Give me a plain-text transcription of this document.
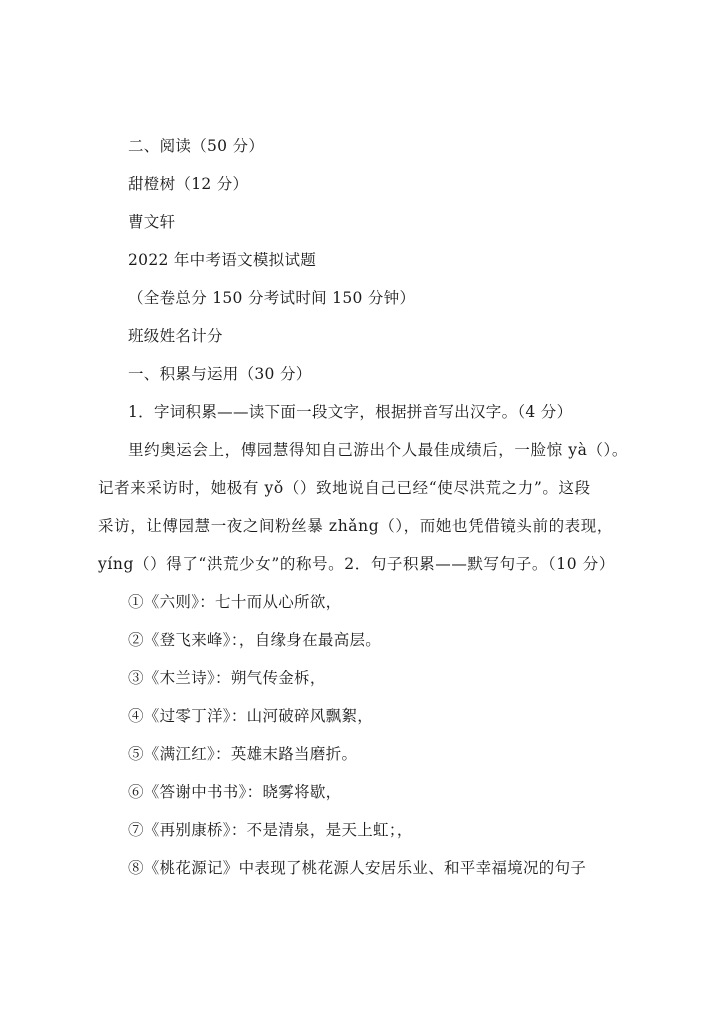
二、阅读（50 分）
甜橙树（12 分）
曹文轩
2022 年中考语文模拟试题
（全卷总分 150 分考试时间 150 分钟）
班级姓名计分
一、积累与运用（30 分）
1．字词积累——读下面一段文字，根据拼音写出汉字。（4 分）
里约奥运会上，傅园慧得知自己游出个人最佳成绩后，一脸惊 yà（）。
记者来采访时，她极有 yǒ（）致地说自己已经“使尽洪荒之力”。这段
采访，让傅园慧一夜之间粉丝暴 zhǎng（），而她也凭借镜头前的表现，
yíng（）得了“洪荒少女”的称号。2．句子积累——默写句子。（10 分）
①《六则》：七十而从心所欲，
②《登飞来峰》：，自缘身在最高层。
③《木兰诗》：朔气传金柝，
④《过零丁洋》：山河破碎风飘絮，
⑤《满江红》：英雄末路当磨折。
⑥《答谢中书书》：晓雾将歇，
⑦《再别康桥》：不是清泉，是天上虹；，
⑧《桃花源记》中表现了桃花源人安居乐业、和平幸福境况的句子
